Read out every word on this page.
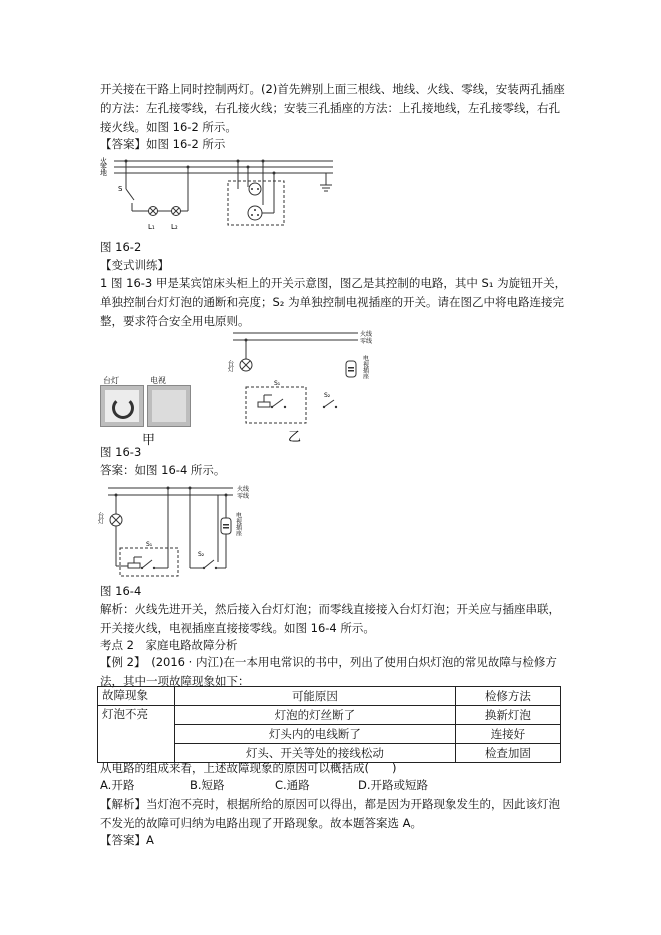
开关接在干路上同时控制两灯。(2)首先辨别上面三根线、地线、火线、零线，安装两孔插座的方法：左孔接零线，右孔接火线；安装三孔插座的方法：上孔接地线，左孔接零线，右孔接火线。如图 16-2 所示。

【答案】如图 16-2 所示

火
零
地
S
L₁ L₂

图 16-2

【变式训练】

1 图 16-3 甲是某宾馆床头柜上的开关示意图，图乙是其控制的电路，其中 S₁ 为旋钮开关，单独控制台灯灯泡的通断和亮度；S₂ 为单独控制电视插座的开关。请在图乙中将电路连接完整，要求符合安全用电原则。

台灯	电视
甲
火线
零线
台灯	电视插座
S₁
S₂
乙

图 16-3

答案：如图 16-4 所示。

火线
零线
台灯	电视插座
S₁
S₂

图 16-4

解析：火线先进开关，然后接入台灯灯泡；而零线直接接入台灯灯泡；开关应与插座串联，开关接火线，电视插座直接接零线。如图 16-4 所示。

考点 2　家庭电路故障分析

【例 2】　(2016 · 内江)在一本用电常识的书中，列出了使用白炽灯泡的常见故障与检修方法，其中一项故障现象如下：

故障现象	可能原因	检修方法
灯泡不亮	灯泡的灯丝断了	换新灯泡
	灯头内的电线断了	连接好
	灯头、开关等处的接线松动	检查加固

从电路的组成来看，上述故障现象的原因可以概括成(　　)

A.开路	B.短路	C.通路	D.开路或短路

【解析】当灯泡不亮时，根据所给的原因可以得出，都是因为开路现象发生的，因此该灯泡不发光的故障可归纳为电路出现了开路现象。故本题答案选 A。

【答案】A
